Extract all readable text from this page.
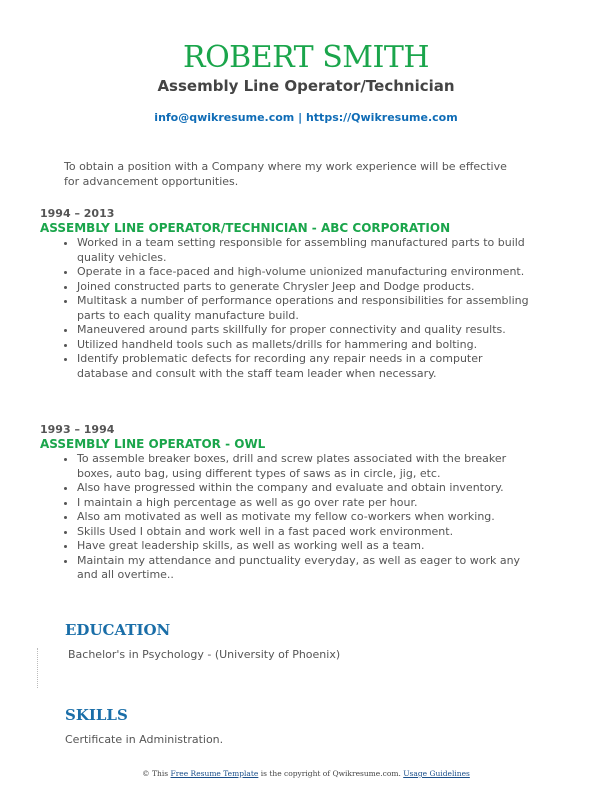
ROBERT SMITH
Assembly Line Operator/Technician
info@qwikresume.com | https://Qwikresume.com
To obtain a position with a Company where my work experience will be effective for advancement opportunities.
1994 – 2013
ASSEMBLY LINE OPERATOR/TECHNICIAN - ABC CORPORATION
• Worked in a team setting responsible for assembling manufactured parts to build quality vehicles.
• Operate in a face-paced and high-volume unionized manufacturing environment.
• Joined constructed parts to generate Chrysler Jeep and Dodge products.
• Multitask a number of performance operations and responsibilities for assembling parts to each quality manufacture build.
• Maneuvered around parts skillfully for proper connectivity and quality results.
• Utilized handheld tools such as mallets/drills for hammering and bolting.
• Identify problematic defects for recording any repair needs in a computer database and consult with the staff team leader when necessary.
1993 – 1994
ASSEMBLY LINE OPERATOR - OWL
• To assemble breaker boxes, drill and screw plates associated with the breaker boxes, auto bag, using different types of saws as in circle, jig, etc.
• Also have progressed within the company and evaluate and obtain inventory.
• I maintain a high percentage as well as go over rate per hour.
• Also am motivated as well as motivate my fellow co-workers when working.
• Skills Used I obtain and work well in a fast paced work environment.
• Have great leadership skills, as well as working well as a team.
• Maintain my attendance and punctuality everyday, as well as eager to work any and all overtime..
EDUCATION
Bachelor's in Psychology - (University of Phoenix)
SKILLS
Certificate in Administration.
© This Free Resume Template is the copyright of Qwikresume.com. Usage Guidelines
